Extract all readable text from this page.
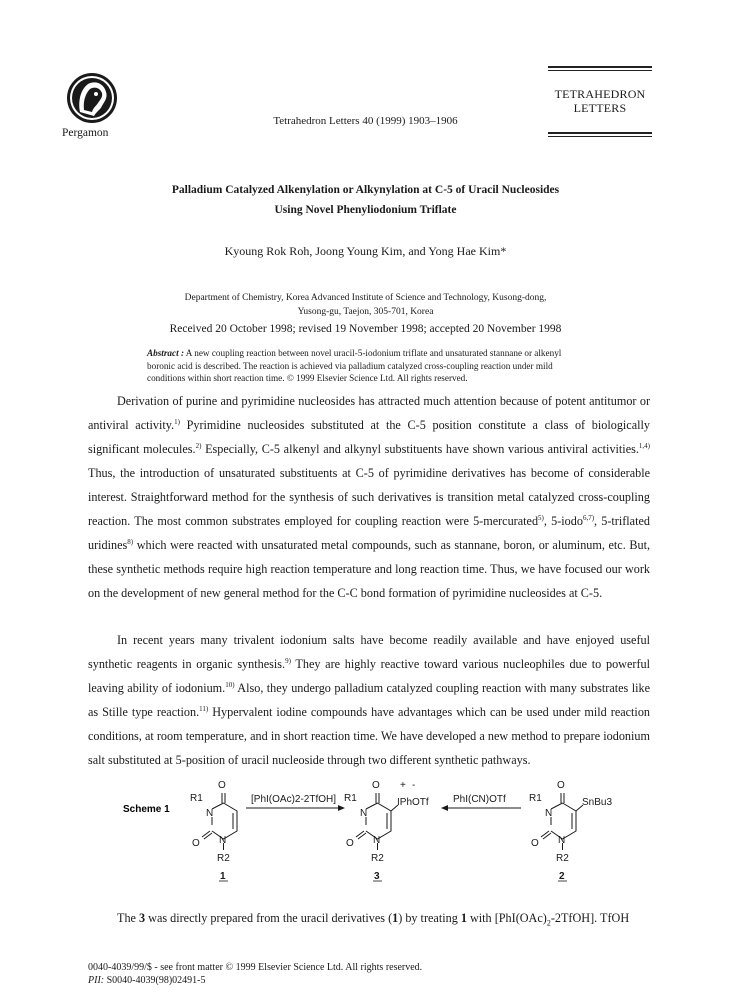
Pergamon
Tetrahedron Letters 40 (1999) 1903–1906
TETRAHEDRON
LETTERS
Palladium Catalyzed Alkenylation or Alkynylation at C-5 of Uracil Nucleosides
Using Novel Phenyliodonium Triflate
Kyoung Rok Roh, Joong Young Kim, and Yong Hae Kim*
Department of Chemistry, Korea Advanced Institute of Science and Technology, Kusong-dong,
Yusong-gu, Taejon, 305-701, Korea
Received 20 October 1998; revised 19 November 1998; accepted 20 November 1998
Abstract : A new coupling reaction between novel uracil-5-iodonium triflate and unsaturated stannane or alkenyl boronic acid is described. The reaction is achieved via palladium catalyzed cross-coupling reaction under mild conditions within short reaction time. © 1999 Elsevier Science Ltd. All rights reserved.
Derivation of purine and pyrimidine nucleosides has attracted much attention because of potent antitumor or antiviral activity.$^{1)}$ Pyrimidine nucleosides substituted at the C-5 position constitute a class of biologically significant molecules.$^{2)}$ Especially, C-5 alkenyl and alkynyl substituents have shown various antiviral activities.$^{1,4)}$ Thus, the introduction of unsaturated substituents at C-5 of pyrimidine derivatives has become of considerable interest. Straightforward method for the synthesis of such derivatives is transition metal catalyzed cross-coupling reaction. The most common substrates employed for coupling reaction were 5-mercurated$^{5)}$, 5-iodo$^{6,7)}$, 5-triflated uridines$^{8)}$ which were reacted with unsaturated metal compounds, such as stannane, boron, or aluminum, etc. But, these synthetic methods require high reaction temperature and long reaction time. Thus, we have focused our work on the development of new general method for the C-C bond formation of pyrimidine nucleosides at C-5.
In recent years many trivalent iodonium salts have become readily available and have enjoyed useful synthetic reagents in organic synthesis.$^{9)}$ They are highly reactive toward various nucleophiles due to powerful leaving ability of iodonium.$^{10)}$ Also, they undergo palladium catalyzed coupling reaction with many substrates like as Stille type reaction.$^{11)}$ Hypervalent iodine compounds have advantages which can be used under mild reaction conditions, at room temperature, and in short reaction time. We have developed a new method to prepare iodonium salt substituted at 5-position of uracil nucleoside through two different synthetic pathways.
Scheme 1
O
R1
N
O N
R2
1
[PhI(OAc)2-2TfOH]
O + -
R1
N
IPhOTf
O N
R2
3
PhI(CN)OTf
O
R1
N
SnBu3
O N
R2
2
The 3 was directly prepared from the uracil derivatives (1) by treating 1 with $[PhI(OAc)_2-2TfOH]$. TfOH
0040-4039/99/$ - see front matter © 1999 Elsevier Science Ltd. All rights reserved.
PII: S0040-4039(98)02491-5
